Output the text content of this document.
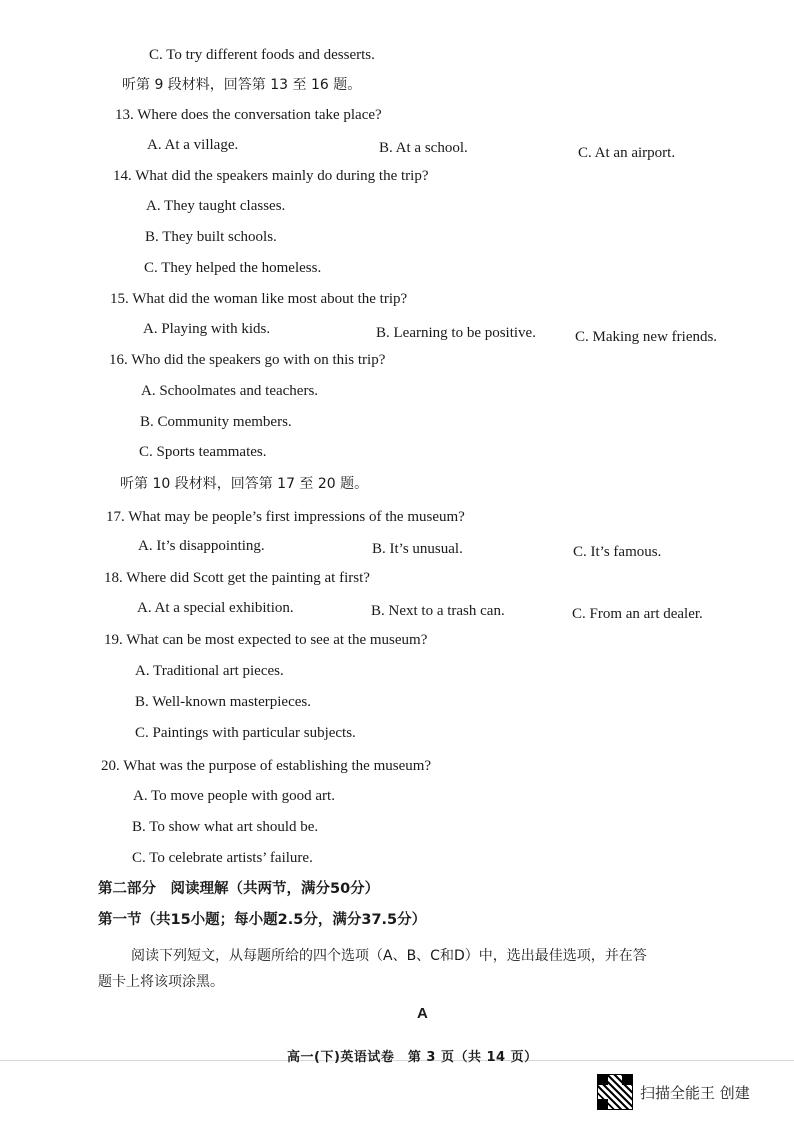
C. To try different foods and desserts.
听第 9 段材料，回答第 13 至 16 题。
13. Where does the conversation take place?
A. At a village.	B. At a school.	C. At an airport.
14. What did the speakers mainly do during the trip?
A. They taught classes.
B. They built schools.
C. They helped the homeless.
15. What did the woman like most about the trip?
A. Playing with kids.	B. Learning to be positive.	C. Making new friends.
16. Who did the speakers go with on this trip?
A. Schoolmates and teachers.
B. Community members.
C. Sports teammates.
听第 10 段材料，回答第 17 至 20 题。
17. What may be people’s first impressions of the museum?
A. It’s disappointing.	B. It’s unusual.	C. It’s famous.
18. Where did Scott get the painting at first?
A. At a special exhibition.	B. Next to a trash can.	C. From an art dealer.
19. What can be most expected to see at the museum?
A. Traditional art pieces.
B. Well-known masterpieces.
C. Paintings with particular subjects.
20. What was the purpose of establishing the museum?
A. To move people with good art.
B. To show what art should be.
C. To celebrate artists’ failure.
第二部分　阅读理解（共两节，满分50分）
第一节（共15小题；每小题2.5分，满分37.5分）
阅读下列短文，从每题所给的四个选项（A、B、C和D）中，选出最佳选项，并在答
题卡上将该项涂黑。
A
高一(下)英语试卷　第 3 页（共 14 页）
扫描全能王 创建
